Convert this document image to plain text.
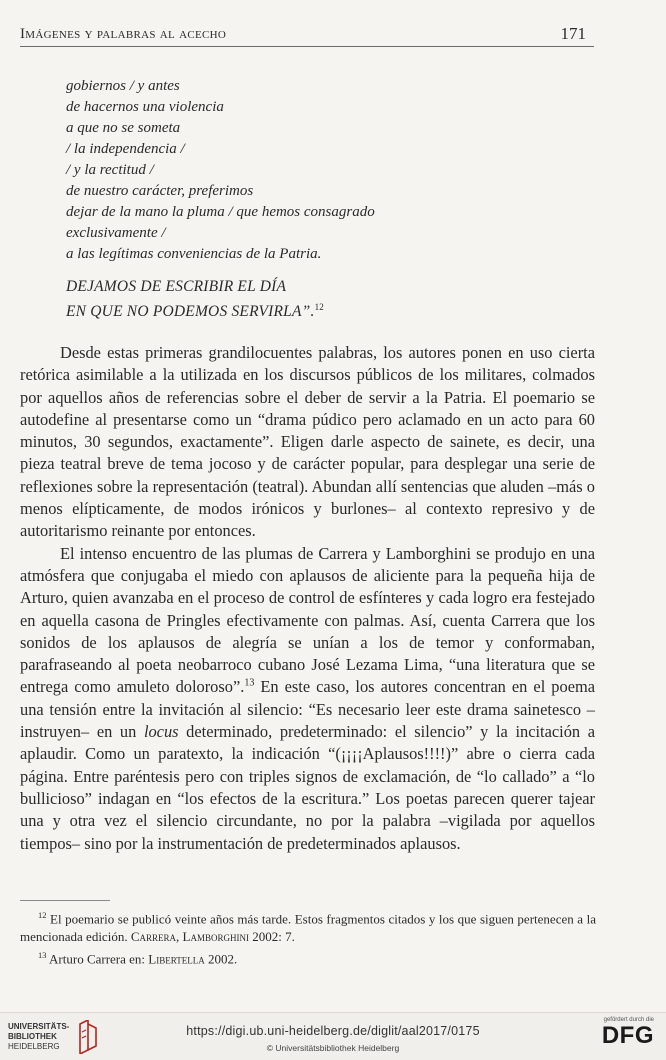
Imágenes y palabras al acecho	171
gobiernos / y antes
de hacernos una violencia
a que no se someta
/ la independencia /
/ y la rectitud /
de nuestro carácter, preferimos
dejar de la mano la pluma / que hemos consagrado
exclusivamente /
a las legítimas conveniencias de la Patria.
DEJAMOS DE ESCRIBIR EL DÍA
EN QUE NO PODEMOS SERVIRLA”.$^{12}$

Desde estas primeras grandilocuentes palabras, los autores ponen en uso cierta retórica asimilable a la utilizada en los discursos públicos de los militares, colmados por aquellos años de referencias sobre el deber de servir a la Patria. El poemario se autodefine al presentarse como un “drama púdico pero aclamado en un acto para 60 minutos, 30 segundos, exactamente”. Eligen darle aspecto de sainete, es decir, una pieza teatral breve de tema jocoso y de carácter popular, para desplegar una serie de reflexiones sobre la representación (teatral). Abundan allí sentencias que aluden –más o menos elípticamente, de modos irónicos y burlones– al contexto represivo y de autoritarismo reinante por entonces.

El intenso encuentro de las plumas de Carrera y Lamborghini se produjo en una atmósfera que conjugaba el miedo con aplausos de aliciente para la pequeña hija de Arturo, quien avanzaba en el proceso de control de esfínteres y cada logro era festejado en aquella casona de Pringles efectivamente con palmas. Así, cuenta Carrera que los sonidos de los aplausos de alegría se unían a los de temor y conformaban, parafraseando al poeta neobarroco cubano José Lezama Lima, “una literatura que se entrega como amuleto doloroso”.$^{13}$ En este caso, los autores concentran en el poema una tensión entre la invitación al silencio: “Es necesario leer este drama sainetesco –instruyen– en un locus determinado, predeterminado: el silencio” y la incitación a aplaudir. Como un paratexto, la indicación “(¡¡¡¡Aplausos!!!!)” abre o cierra cada página. Entre paréntesis pero con triples signos de exclamación, de “lo callado” a “lo bullicioso” indagan en “los efectos de la escritura.” Los poetas parecen querer tajear una y otra vez el silencio circundante, no por la palabra –vigilada por aquellos tiempos– sino por la instrumentación de predeterminados aplausos.

$^{12}$ El poemario se publicó veinte años más tarde. Estos fragmentos citados y los que siguen pertenecen a la mencionada edición. Carrera, Lamborghini 2002: 7.

$^{13}$ Arturo Carrera en: Libertella 2002.

UNIVERSITÄTS-
BIBLIOTHEK
HEIDELBERG
https://digi.ub.uni-heidelberg.de/diglit/aal2017/0175
© Universitätsbibliothek Heidelberg
gefördert durch die
DFG
